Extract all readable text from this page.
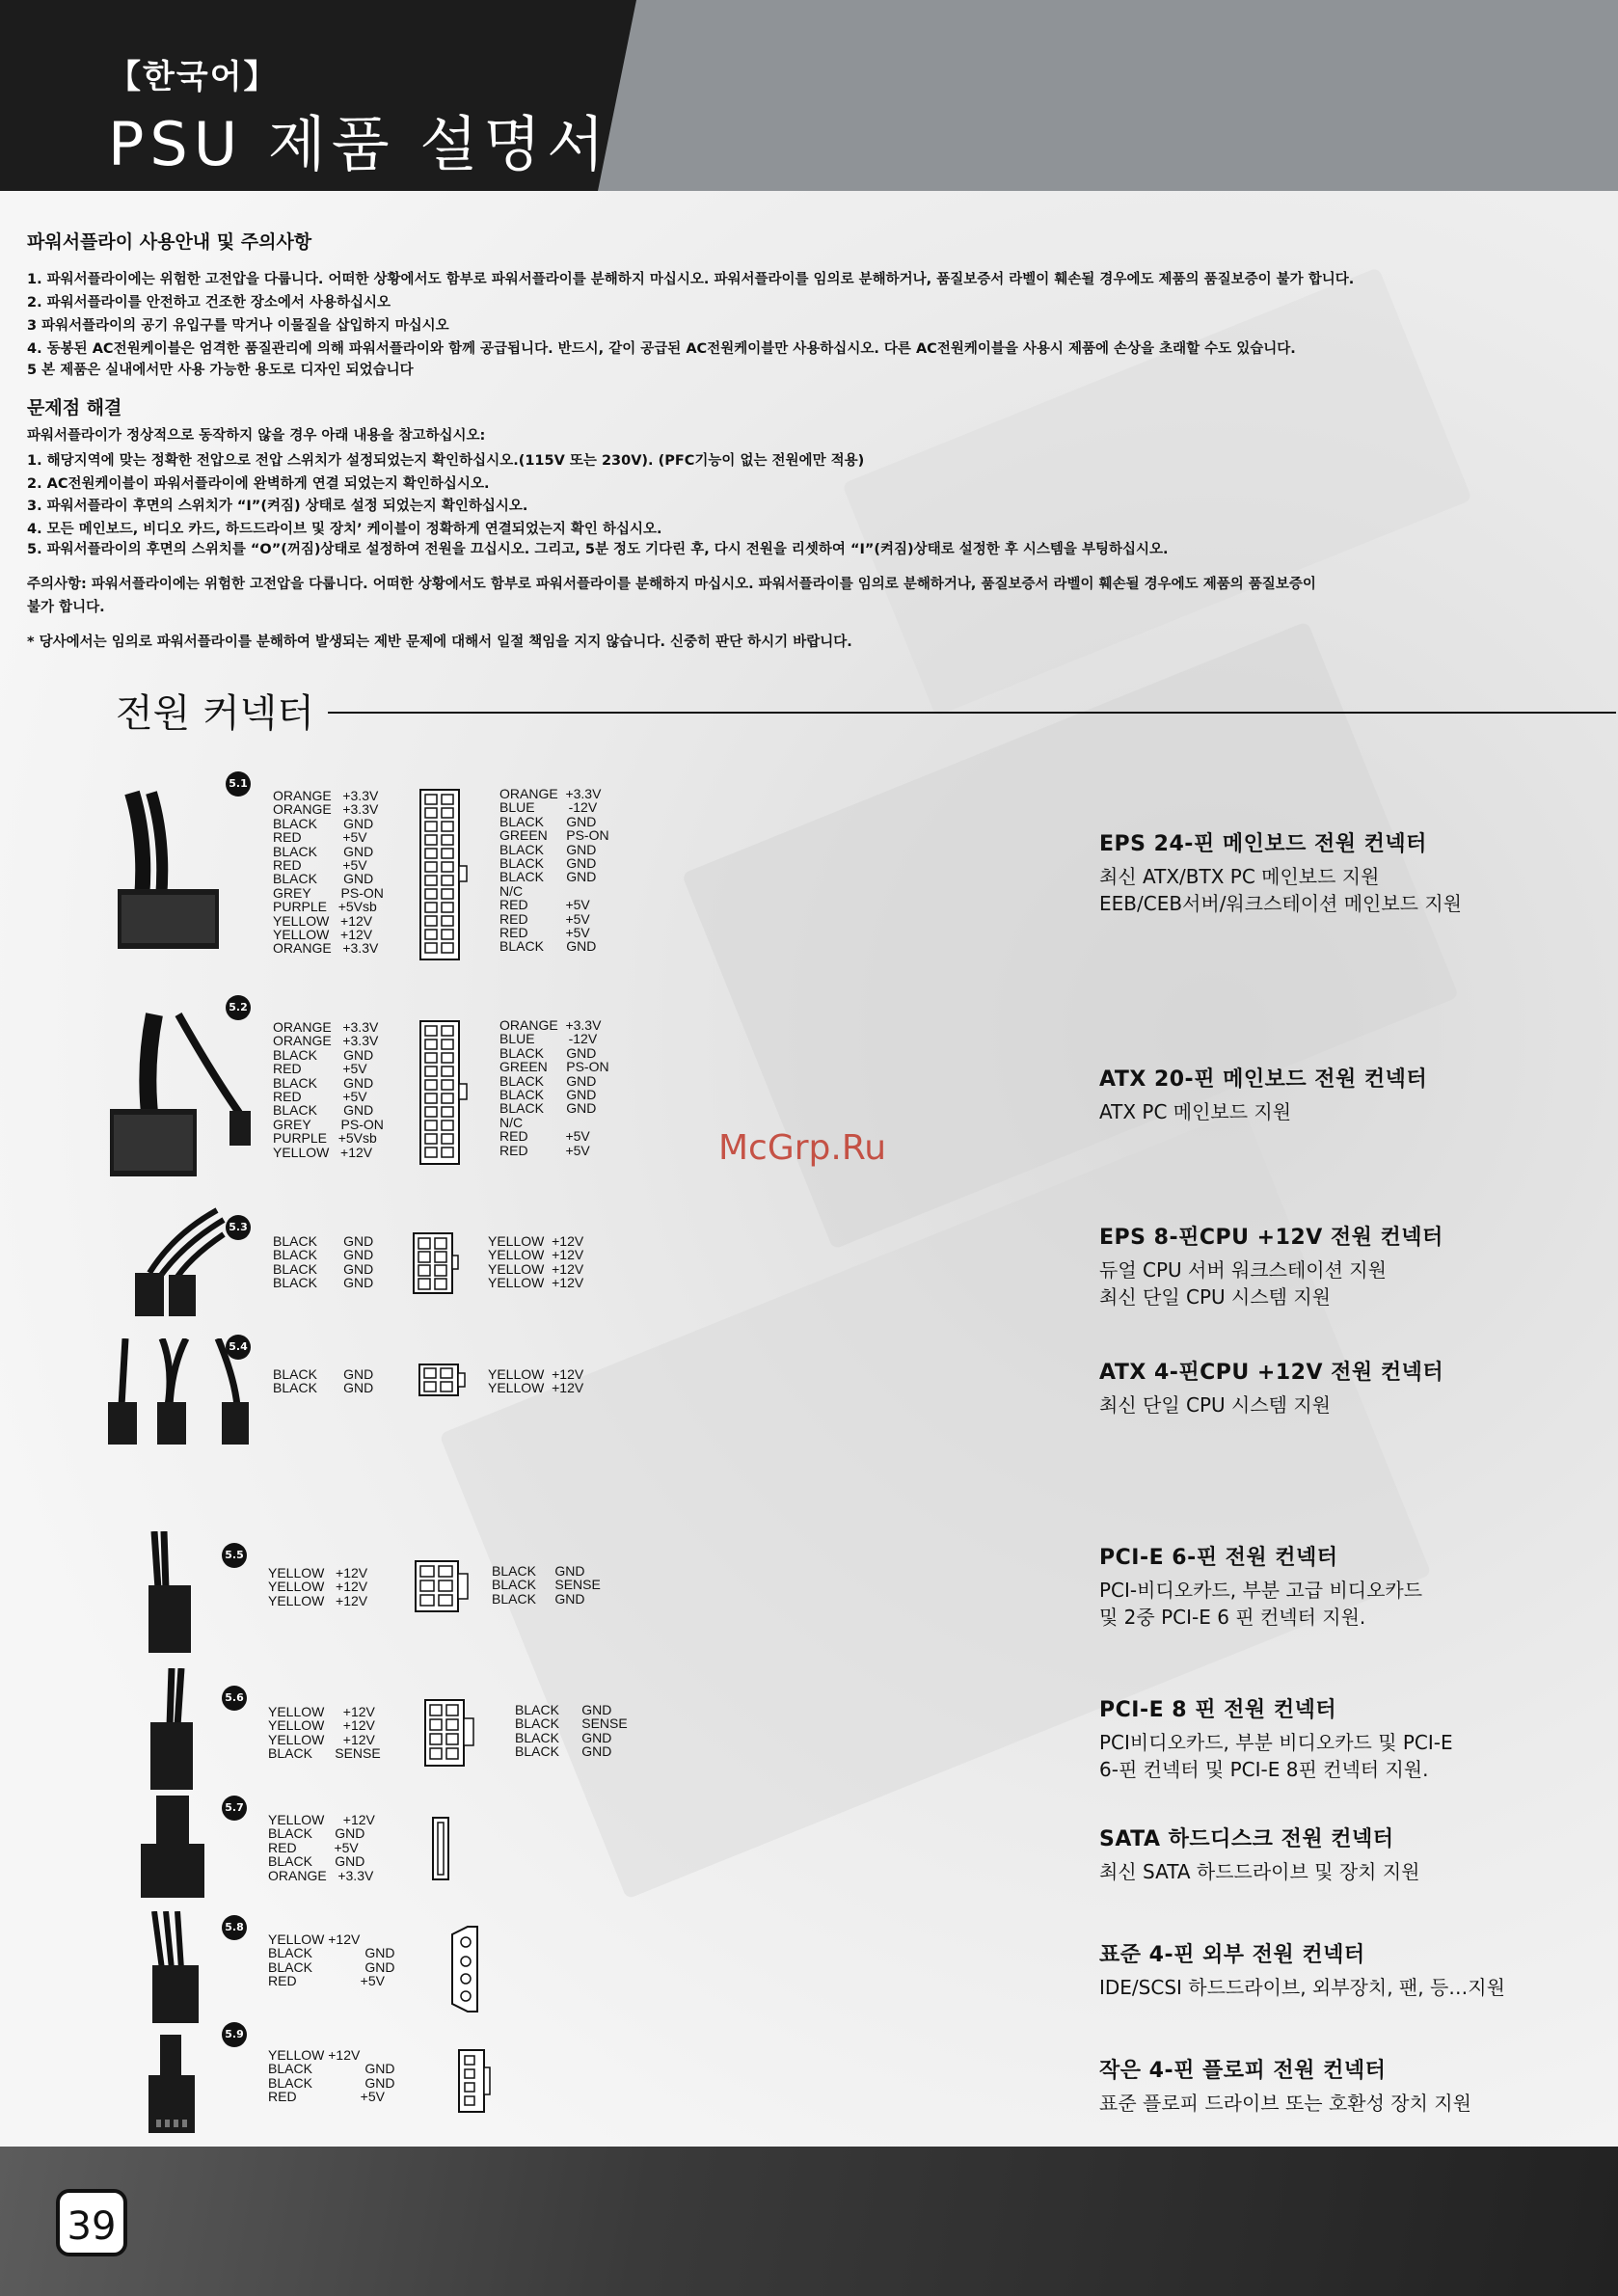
【한국어】
PSU 제품 설명서
파워서플라이 사용안내 및 주의사항
1. 파워서플라이에는 위험한 고전압을 다룹니다. 어떠한 상황에서도 함부로 파워서플라이를 분해하지 마십시오. 파워서플라이를 임의로 분해하거나, 품질보증서 라벨이 훼손될 경우에도 제품의 품질보증이 불가 합니다.
2. 파워서플라이를 안전하고 건조한 장소에서 사용하십시오
3 파워서플라이의 공기 유입구를 막거나 이물질을 삽입하지 마십시오
4. 동봉된 AC전원케이블은 엄격한 품질관리에 의해 파워서플라이와 함께 공급됩니다. 반드시, 같이 공급된 AC전원케이블만 사용하십시오. 다른 AC전원케이블을 사용시 제품에 손상을 초래할 수도 있습니다.
5 본 제품은 실내에서만 사용 가능한 용도로 디자인 되었습니다
문제점 해결
파워서플라이가 정상적으로 동작하지 않을 경우 아래 내용을 참고하십시오:
1. 해당지역에 맞는 정확한 전압으로 전압 스위치가 설정되었는지 확인하십시오.(115V 또는 230V). (PFC기능이 없는 전원에만 적용)
2. AC전원케이블이 파워서플라이에 완벽하게 연결 되었는지 확인하십시오.
3. 파워서플라이 후면의 스위치가 “I”(켜짐) 상태로 설정 되었는지 확인하십시오.
4. 모든 메인보드, 비디오 카드, 하드드라이브 및 장치’ 케이블이 정확하게 연결되었는지 확인 하십시오.
5. 파워서플라이의 후면의 스위치를 “O”(꺼짐)상태로 설정하여 전원을 끄십시오. 그리고, 5분 정도 기다린 후, 다시 전원을 리셋하여 “I”(켜짐)상태로 설정한 후 시스템을 부팅하십시오.
주의사항: 파워서플라이에는 위험한 고전압을 다룹니다. 어떠한 상황에서도 함부로 파워서플라이를 분해하지 마십시오. 파워서플라이를 임의로 분해하거나, 품질보증서 라벨이 훼손될 경우에도 제품의 품질보증이
불가 합니다.
* 당사에서는 임의로 파워서플라이를 분해하여 발생되는 제반 문제에 대해서 일절 책임을 지지 않습니다. 신중히 판단 하시기 바랍니다.
전원 커넥터
McGrp.Ru
5.1
ORANGE   +3.3V
ORANGE   +3.3V
BLACK       GND
RED           +5V
BLACK       GND
RED           +5V
BLACK       GND
GREY        PS-ON
PURPLE   +5Vsb
YELLOW   +12V
YELLOW   +12V
ORANGE   +3.3V
ORANGE  +3.3V
BLUE         -12V
BLACK      GND
GREEN     PS-ON
BLACK      GND
BLACK      GND
BLACK      GND
N/C
RED          +5V
RED          +5V
RED          +5V
BLACK      GND
EPS 24-핀 메인보드 전원 컨넥터
최신 ATX/BTX PC 메인보드 지원
EEB/CEB서버/워크스테이션 메인보드 지원
5.2
ORANGE   +3.3V
ORANGE   +3.3V
BLACK       GND
RED           +5V
BLACK       GND
RED           +5V
BLACK       GND
GREY        PS-ON
PURPLE   +5Vsb
YELLOW   +12V
ORANGE  +3.3V
BLUE         -12V
BLACK      GND
GREEN     PS-ON
BLACK      GND
BLACK      GND
BLACK      GND
N/C
RED          +5V
RED          +5V
ATX 20-핀 메인보드 전원 컨넥터
ATX PC 메인보드 지원
5.3
BLACK       GND
BLACK       GND
BLACK       GND
BLACK       GND
YELLOW  +12V
YELLOW  +12V
YELLOW  +12V
YELLOW  +12V
EPS 8-핀CPU +12V 전원 컨넥터
듀얼 CPU 서버 워크스테이션 지원
최신 단일 CPU 시스템 지원
5.4
BLACK       GND
BLACK       GND
YELLOW  +12V
YELLOW  +12V
ATX 4-핀CPU +12V 전원 컨넥터
최신 단일 CPU 시스템 지원
5.5
YELLOW   +12V
YELLOW   +12V
YELLOW   +12V
BLACK     GND
BLACK     SENSE
BLACK     GND
PCI-E 6-핀 전원 컨넥터
PCI-비디오카드, 부분 고급 비디오카드
및 2중 PCI-E 6 핀 컨넥터 지원.
5.6
YELLOW     +12V
YELLOW     +12V
YELLOW     +12V
BLACK      SENSE
BLACK      GND
BLACK      SENSE
BLACK      GND
BLACK      GND
PCI-E 8 핀 전원 컨넥터
PCI비디오카드, 부분 비디오카드 및 PCI-E
6-핀 컨넥터 및 PCI-E 8핀 컨넥터 지원.
5.7
YELLOW     +12V
BLACK      GND
RED          +5V
BLACK      GND
ORANGE   +3.3V
SATA 하드디스크 전원 컨넥터
최신 SATA 하드드라이브 및 장치 지원
5.8
YELLOW +12V
BLACK              GND
BLACK              GND
RED                 +5V
표준 4-핀 외부 전원 컨넥터
IDE/SCSI 하드드라이브, 외부장치, 팬, 등…지원
5.9
YELLOW +12V
BLACK              GND
BLACK              GND
RED                 +5V
작은 4-핀 플로피 전원 컨넥터
표준 플로피 드라이브 또는 호환성 장치 지원
39
